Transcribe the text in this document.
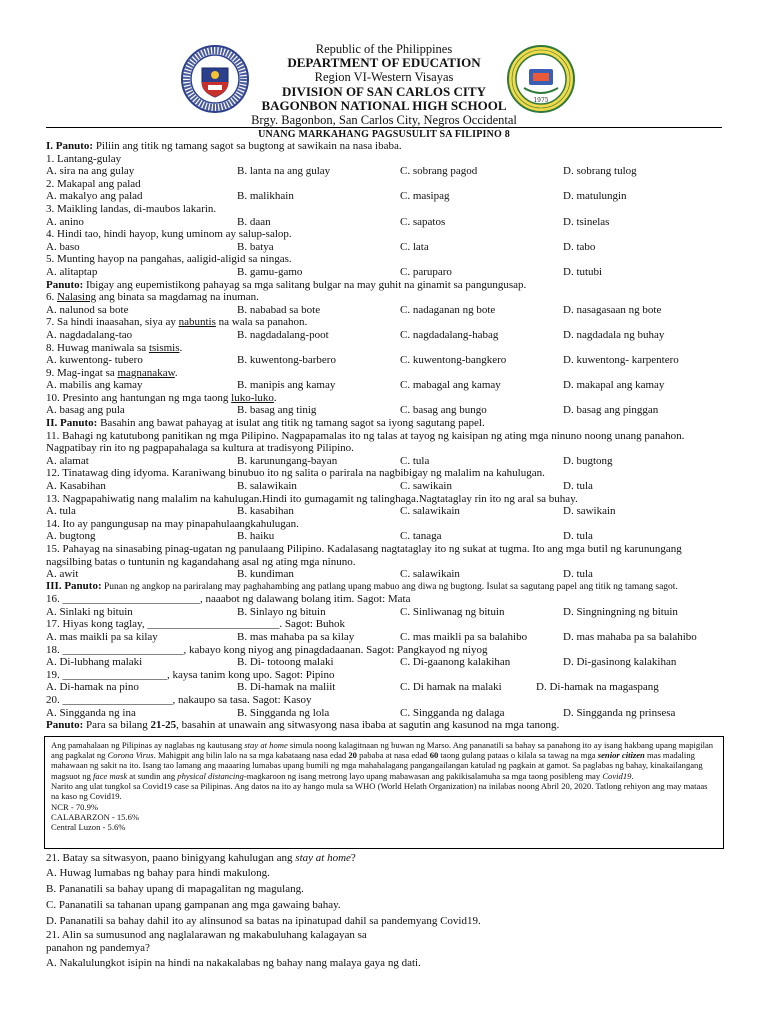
1975
Republic of the Philippines
DEPARTMENT OF EDUCATION
Region VI-Western Visayas
DIVISION OF SAN CARLOS CITY
BAGONBON NATIONAL HIGH SCHOOL
Brgy. Bagonbon, San Carlos City, Negros Occidental
UNANG MARKAHANG PAGSUSULIT SA FILIPINO 8
I. Panuto: Piliin ang titik ng tamang sagot sa bugtong at sawikain na nasa ibaba.
1. Lantang-gulay
A. sira na ang gulay	B. lanta na ang gulay	C. sobrang pagod	D. sobrang tulog
2. Makapal ang palad
A. makalyo ang palad	B. malikhain	C. masipag	D. matulungin
3. Maikling landas, di-maubos lakarin.
A. anino	B. daan	C. sapatos	D. tsinelas
4. Hindi tao, hindi hayop, kung uminom ay salup-salop.
A. baso	B. batya	C. lata	D. tabo
5. Munting hayop na pangahas, aaligid-aligid sa ningas.
A. alitaptap	B. gamu-gamo	C. paruparo	D. tutubi
Panuto: Ibigay ang eupemistikong pahayag sa mga salitang bulgar na may guhit na ginamit sa pangungusap.
6. Nalasing ang binata sa magdamag na inuman.
A. nalunod sa bote	B. nababad sa bote	C. nadaganan ng bote	D. nasagasaan ng bote
7. Sa hindi inaasahan, siya ay nabuntis na wala sa panahon.
A. nagdadalang-tao	B. nagdadalang-poot	C. nagdadalang-habag	D. nagdadala ng buhay
8. Huwag maniwala sa tsismis.
A. kuwentong- tubero	B. kuwentong-barbero	C. kuwentong-bangkero	D. kuwentong- karpentero
9. Mag-ingat sa magnanakaw.
A. mabilis ang kamay	B. manipis ang kamay	C. mabagal ang kamay	D. makapal ang kamay
10. Presinto ang hantungan ng mga taong luko-luko.
A. basag ang pula	B. basag ang tinig	C. basag ang bungo	D. basag ang pinggan
II. Panuto: Basahin ang bawat pahayag at isulat ang titik ng tamang sagot sa iyong sagutang papel.
11. Bahagi ng katutubong panitikan ng mga Pilipino. Nagpapamalas ito ng talas at tayog ng kaisipan ng ating mga ninuno noong unang panahon. Nagpatibay rin ito ng pagpapahalaga sa kultura at tradisyong Pilipino.
A. alamat	B. karunungang-bayan	C. tula	D. bugtong
12. Tinatawag ding idyoma. Karaniwang binubuo ito ng salita o parirala na nagbibigay ng malalim na kahulugan.
A. Kasabihan	B. salawikain	C. sawikain	D. tula
13. Nagpapahiwatig nang malalim na kahulugan.Hindi ito gumagamit ng talinghaga.Nagtataglay rin ito ng aral sa buhay.
A. tula	B. kasabihan	C. salawikain	D. sawikain
14. Ito ay pangungusap na may pinapahulaangkahulugan.
A. bugtong	B. haiku	C. tanaga	D. tula
15. Pahayag na sinasabing pinag-ugatan ng panulaang Pilipino. Kadalasang nagtataglay ito ng sukat at tugma. Ito ang mga butil ng karunungang nagsilbing batas o tuntunin ng kagandahang asal ng ating mga ninuno.
A. awit	B. kundiman	C. salawikain	D. tula
III. Panuto: Punan ng angkop na pariralang may paghahambing ang patlang upang mabuo ang diwa ng bugtong. Isulat sa sagutang papel ang titik ng tamang sagot.
16. _________________________, naaabot ng dalawang bolang itim. Sagot: Mata
A. Sinlaki ng bituin	B. Sinlayo ng bituin	C. Sinliwanag ng bituin	D. Singningning ng bituin
17. Hiyas kong taglay, ________________________. Sagot: Buhok
A. mas maikli pa sa kilay	B. mas mahaba pa sa kilay	C. mas maikli pa sa balahibo	D. mas mahaba pa sa balahibo
18. ______________________, kabayo kong niyog ang pinagdadaanan. Sagot: Pangkayod ng niyog
A. Di-lubhang malaki	B. Di- totoong malaki	C. Di-gaanong kalakihan	D. Di-gasinong kalakihan
19. ___________________, kaysa tanim kong upo. Sagot: Pipino
A. Di-hamak na pino	B. Di-hamak na maliit	C. Di hamak na malaki	D. Di-hamak na magaspang
20. ____________________, nakaupo sa tasa. Sagot: Kasoy
A. Singganda ng ina	B. Singganda ng lola	C. Singganda ng dalaga	D. Singganda ng prinsesa
Panuto: Para sa bilang 21-25, basahin at unawain ang sitwasyong nasa ibaba at sagutin ang kasunod na mga tanong.
Ang pamahalaan ng Pilipinas ay naglabas ng kautusang stay at home simula noong kalagitnaan ng buwan ng Marso. Ang pananatili sa bahay sa panahong ito ay isang hakbang upang mapigilan ang pagkalat ng Corona Virus. Mahigpit ang bilin lalo na sa mga kabataang nasa edad 20 pababa at nasa edad 60 taong gulang pataas o kilala sa tawag na mga senior citizen mas madaling mahawaan ng sakit na ito. Isang tao lamang ang maaaring lumabas upang bumili ng mga mahahalagang pangangailangan katulad ng pagkain at gamot. Sa paglabas ng bahay, kinakailangang magsuot ng face mask at sundin ang physical distancing-magkaroon ng isang metrong layo upang mabawasan ang pakikisalamuha sa mga taong posibleng may Covid19.
Narito ang ulat tungkol sa Covid19 case sa Pilipinas. Ang datos na ito ay hango mula sa WHO (World Helath Organization) na inilabas noong Abril 20, 2020. Tatlong rehiyon ang may mataas na kaso ng Covid19.
NCR - 70.9%
CALABARZON - 15.6%
Central Luzon - 5.6%
21. Batay sa sitwasyon, paano binigyang kahulugan ang stay at home?
A. Huwag lumabas ng bahay para hindi makulong.
B. Pananatili sa bahay upang di mapagalitan ng magulang.
C. Pananatili sa tahanan upang gampanan ang mga gawaing bahay.
D. Pananatili sa bahay dahil ito ay alinsunod sa batas na ipinatupad dahil sa pandemyang Covid19.
21. Alin sa sumusunod ang naglalarawan ng makabuluhang kalagayan sa
panahon ng pandemya?
A. Nakalulungkot isipin na hindi na nakakalabas ng bahay nang malaya gaya ng dati.
